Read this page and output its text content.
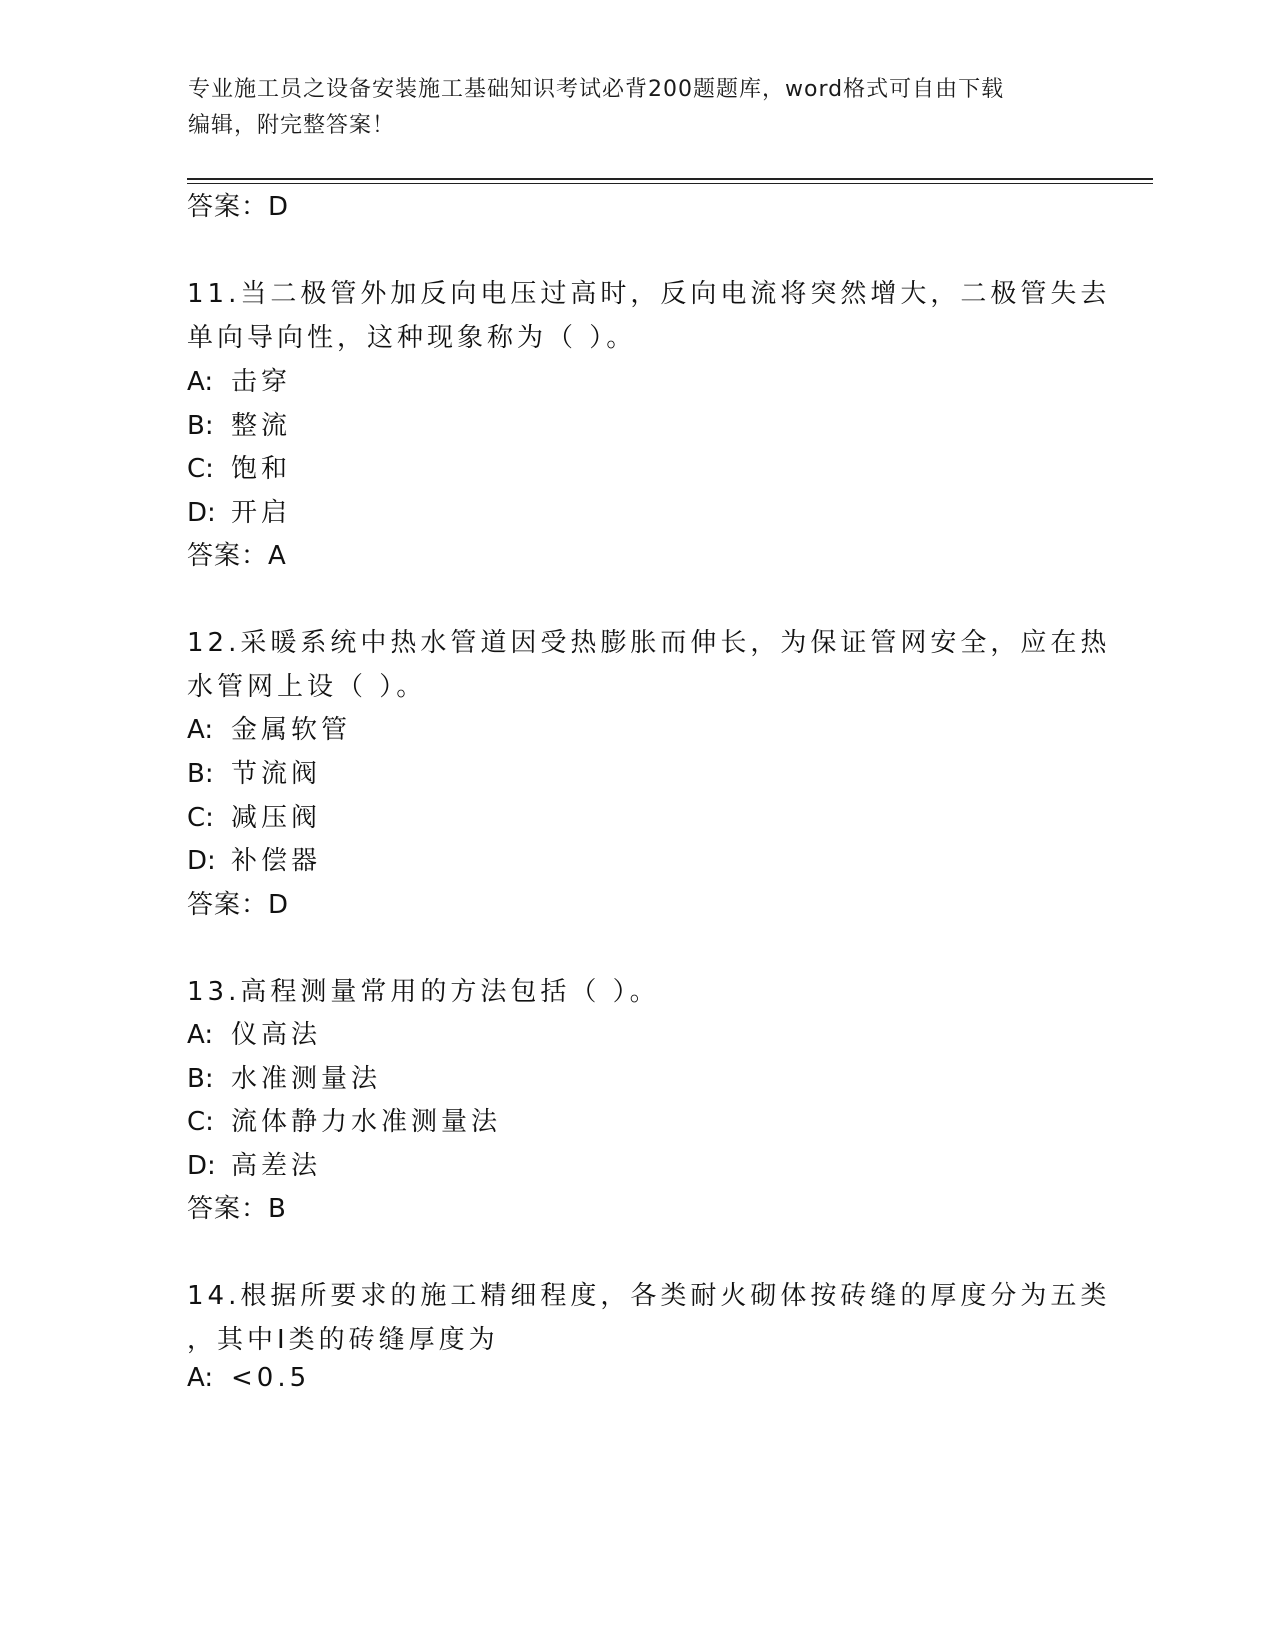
专业施工员之设备安装施工基础知识考试必背200题题库，word格式可自由下载
编辑，附完整答案！
答案：D
11.当二极管外加反向电压过高时，反向电流将突然增大，二极管失去
单向导向性，这种现象称为（ ）。
A: 击穿
B: 整流
C: 饱和
D: 开启
答案：A
12.采暖系统中热水管道因受热膨胀而伸长，为保证管网安全，应在热
水管网上设（ ）。
A: 金属软管
B: 节流阀
C: 减压阀
D: 补偿器
答案：D
13.高程测量常用的方法包括（ ）。
A: 仪高法
B: 水准测量法
C: 流体静力水准测量法
D: 高差法
答案：B
14.根据所要求的施工精细程度，各类耐火砌体按砖缝的厚度分为五类
，其中Ⅰ类的砖缝厚度为
A: <0.5
